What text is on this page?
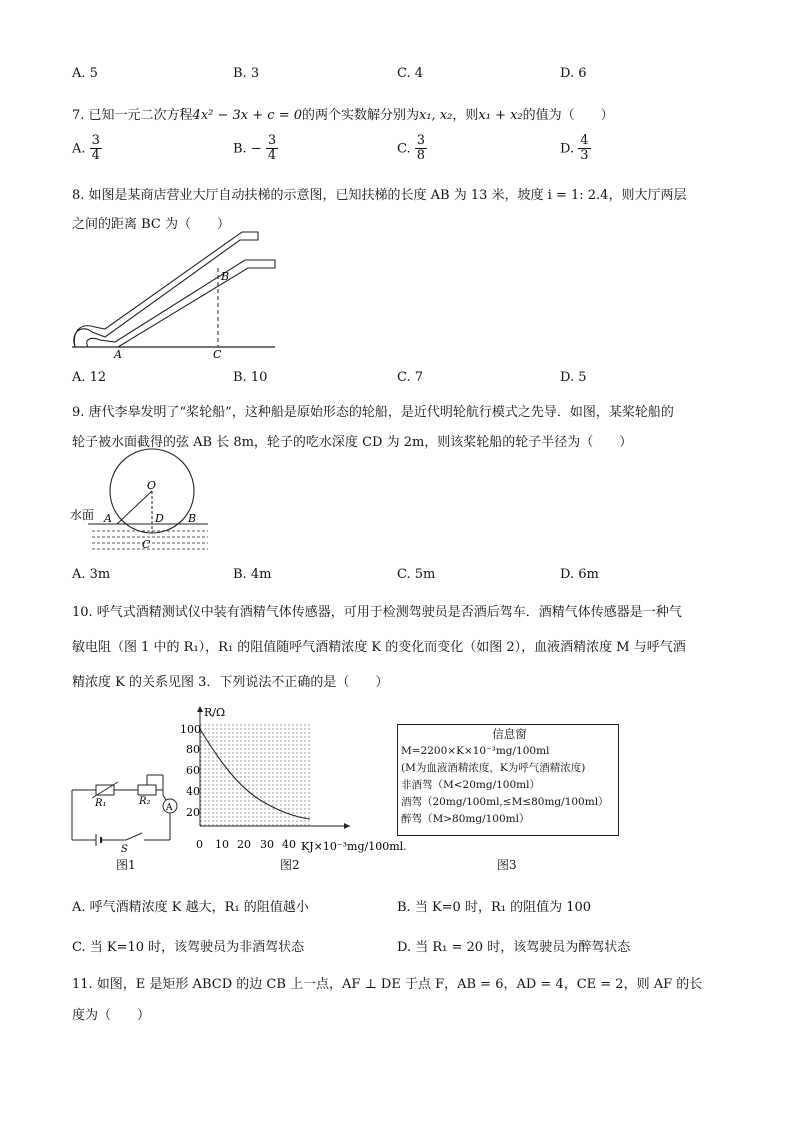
A. 5	B. 3	C. 4	D. 6
7. 已知一元二次方程4x² − 3x + c = 0的两个实数解分别为x₁, x₂，则x₁ + x₂的值为（　　）
A. $\frac{3}{4}$	B. − $\frac{3}{4}$	C. $\frac{3}{8}$	D. $\frac{4}{3}$
8. 如图是某商店营业大厅自动扶梯的示意图，已知扶梯的长度 AB 为 13 米，坡度 i = 1: 2.4，则大厅两层
之间的距离 BC 为（　　）
B
A	C
A. 12	B. 10	C. 7	D. 5
9. 唐代李皋发明了“桨轮船”，这种船是原始形态的轮船，是近代明轮航行模式之先导．如图，某桨轮船的
轮子被水面截得的弦 AB 长 8m，轮子的吃水深度 CD 为 2m，则该桨轮船的轮子半径为（　　）
水面
O
A	D B
C
A. 3m	B. 4m	C. 5m	D. 6m
10. 呼气式酒精测试仪中装有酒精气体传感器，可用于检测驾驶员是否酒后驾车．酒精气体传感器是一种气
敏电阻（图 1 中的 R₁），R₁ 的阻值随呼气酒精浓度 K 的变化而变化（如图 2），血液酒精浓度 M 与呼气酒
精浓度 K 的关系见图 3．下列说法不正确的是（　　）
R₁	R₂
A
S
图1
R/Ω
100
80
60
40
20
0 10 20 30 40 KJ×10⁻³mg/100ml.
图2
信息窗
M=2200×K×10⁻³mg/100ml
(M为血液酒精浓度，K为呼气酒精浓度)
非酒驾（M<20mg/100ml）
酒驾（20mg/100ml,≤M≤80mg/100ml）
醉驾（M>80mg/100ml）
图3
A. 呼气酒精浓度 K 越大，R₁ 的阻值越小	B. 当 K=0 时，R₁ 的阻值为 100
C. 当 K=10 时，该驾驶员为非酒驾状态	D. 当 R₁ = 20 时，该驾驶员为醉驾状态
11. 如图，E 是矩形 ABCD 的边 CB 上一点，AF ⊥ DE 于点 F，AB = 6，AD = 4，CE = 2，则 AF 的长
度为（　　）
